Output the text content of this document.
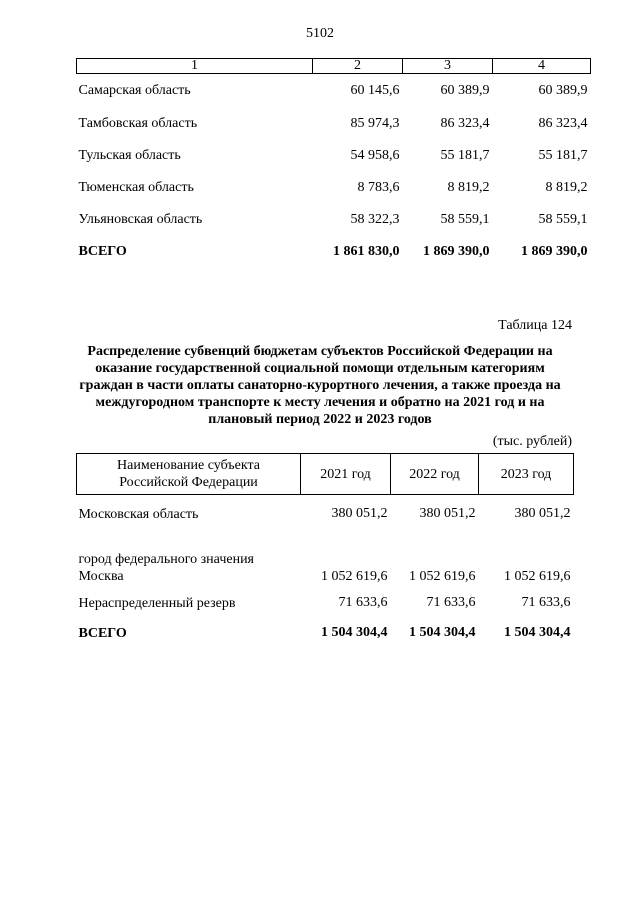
5102
1	2	3	4
Самарская область	60 145,6	60 389,9	60 389,9
Тамбовская область	85 974,3	86 323,4	86 323,4
Тульская область	54 958,6	55 181,7	55 181,7
Тюменская область	8 783,6	8 819,2	8 819,2
Ульяновская область	58 322,3	58 559,1	58 559,1
ВСЕГО	1 861 830,0	1 869 390,0	1 869 390,0
Таблица 124
Распределение субвенций бюджетам субъектов Российской Федерации на оказание государственной социальной помощи отдельным категориям граждан в части оплаты санаторно-курортного лечения, а также проезда на междугородном транспорте к месту лечения и обратно на 2021 год и на плановый период 2022 и 2023 годов
(тыс. рублей)
Наименование субъекта
Российской Федерации	2021 год	2022 год	2023 год
Московская область	380 051,2	380 051,2	380 051,2

город федерального значения
Москва	1 052 619,6	1 052 619,6	1 052 619,6
Нераспределенный резерв	71 633,6	71 633,6	71 633,6
ВСЕГО	1 504 304,4	1 504 304,4	1 504 304,4
